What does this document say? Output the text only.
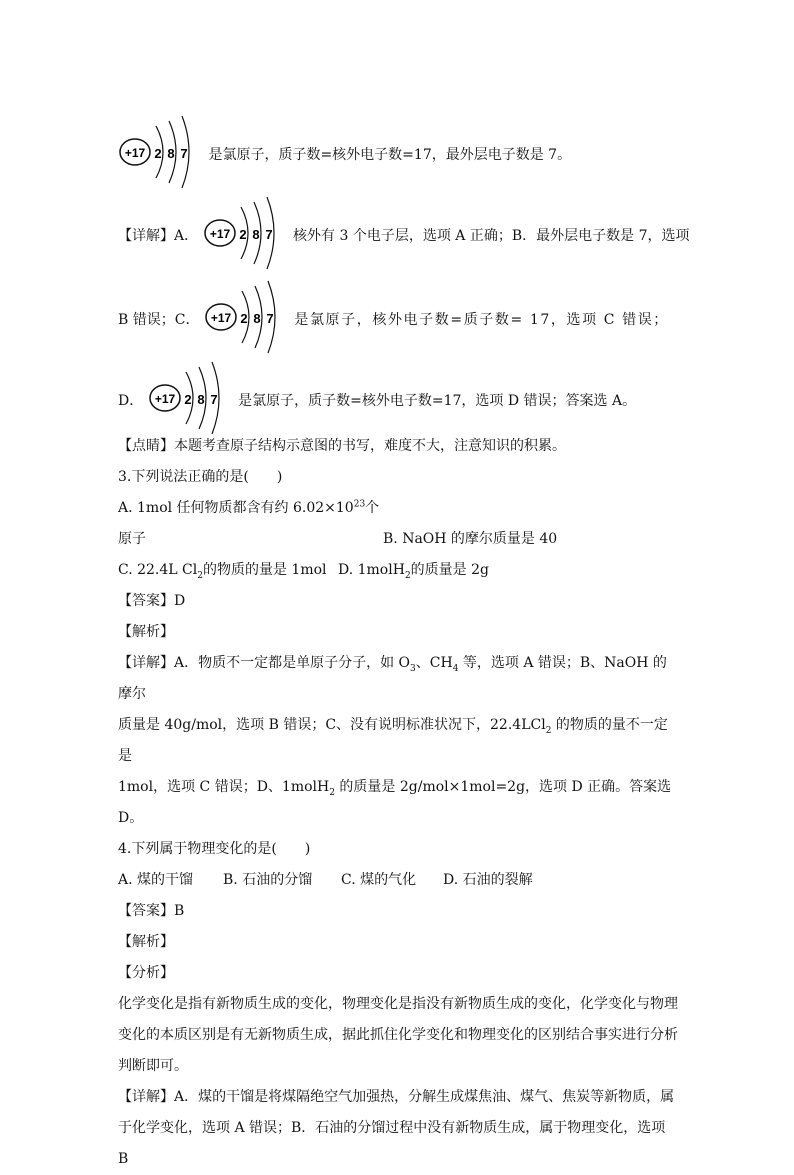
+17 2 8 7 是氯原子，质子数=核外电子数=17，最外层电子数是 7。
【详解】A． +17 2 8 7 核外有 3 个电子层，选项 A 正确；B．最外层电子数是 7，选项
B 错误；C． +17 2 8 7 是氯原子，核外电子数=质子数= 17，选项 C 错误；
D． +17 2 8 7 是氯原子，质子数=核外电子数=17，选项 D 错误；答案选 A。
【点睛】本题考查原子结构示意图的书写，难度不大，注意知识的积累。
3.下列说法正确的是(　　)
A. 1mol 任何物质都含有约 $6.02\times 10^{23}$个原子	B. NaOH 的摩尔质量是 40
C. 22.4L $Cl_2$的物质的量是 1mol D. 1molH$_2$的质量是 2g
【答案】D
【解析】
【详解】A．物质不一定都是单原子分子，如 $O_3$、$CH_4$ 等，选项 A 错误；B、NaOH 的摩尔
质量是 40g/mol，选项 B 错误；C、没有说明标准状况下，22.4LCl$_2$ 的物质的量不一定是
1mol，选项 C 错误；D、1molH$_2$ 的质量是 2g/mol×1mol=2g，选项 D 正确。答案选 D。
4.下列属于物理变化的是(　　)
A. 煤的干馏 B. 石油的分馏 C. 煤的气化 D. 石油的裂解
【答案】B
【解析】
【分析】
化学变化是指有新物质生成的变化，物理变化是指没有新物质生成的变化，化学变化与物理
变化的本质区别是有无新物质生成，据此抓住化学变化和物理变化的区别结合事实进行分析
判断即可。
【详解】A．煤的干馏是将煤隔绝空气加强热，分解生成煤焦油、煤气、焦炭等新物质，属
于化学变化，选项 A 错误；B．石油的分馏过程中没有新物质生成，属于物理变化，选项 B
